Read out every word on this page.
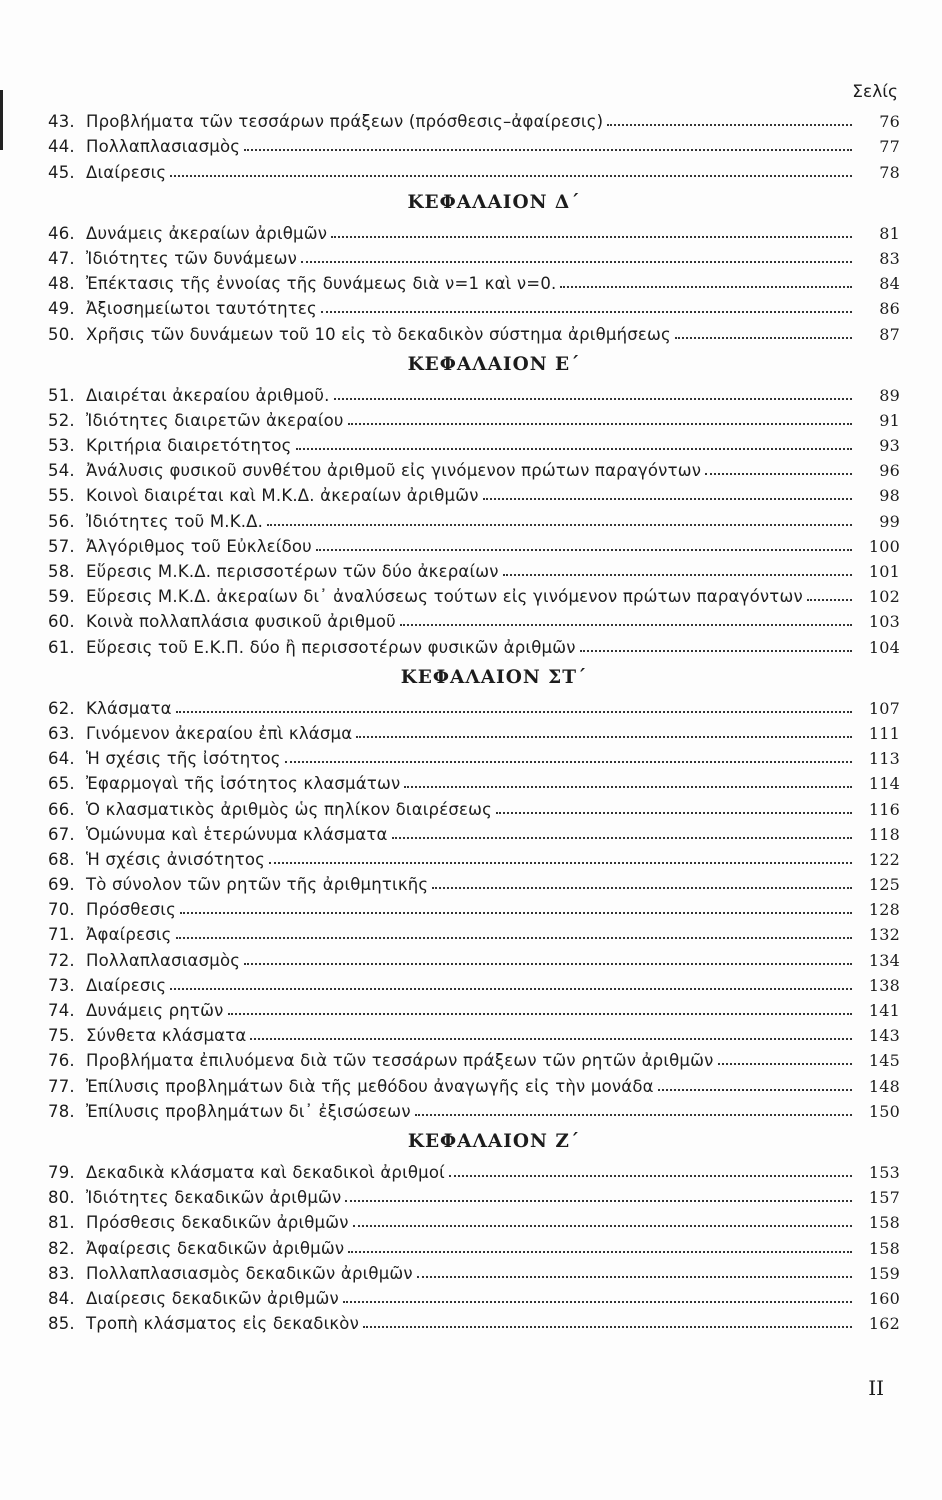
Σελίς
43. Προβλήματα τῶν τεσσάρων πράξεων (πρόσθεσις–ἀφαίρεσις)	76
44. Πολλαπλασιασμὸς	77
45. Διαίρεσις	78
ΚΕΦΑΛΑΙΟΝ Δ΄
46. Δυνάμεις ἀκεραίων ἀριθμῶν	81
47. Ἰδιότητες τῶν δυνάμεων	83
48. Ἐπέκτασις τῆς ἐννοίας τῆς δυνάμεως διὰ ν=1 καὶ ν=0.	84
49. Ἀξιοσημείωτοι ταυτότητες	86
50. Χρῆσις τῶν δυνάμεων τοῦ 10 εἰς τὸ δεκαδικὸν σύστημα ἀριθμήσεως	87
ΚΕΦΑΛΑΙΟΝ Ε΄
51. Διαιρέται ἀκεραίου ἀριθμοῦ.	89
52. Ἰδιότητες διαιρετῶν ἀκεραίου	91
53. Κριτήρια διαιρετότητος	93
54. Ἀνάλυσις φυσικοῦ συνθέτου ἀριθμοῦ εἰς γινόμενον πρώτων παραγόντων	96
55. Κοινοὶ διαιρέται καὶ Μ.Κ.Δ. ἀκεραίων ἀριθμῶν	98
56. Ἰδιότητες τοῦ Μ.Κ.Δ.	99
57. Ἀλγόριθμος τοῦ Εὐκλείδου	100
58. Εὕρεσις Μ.Κ.Δ. περισσοτέρων τῶν δύο ἀκεραίων	101
59. Εὕρεσις Μ.Κ.Δ. ἀκεραίων δι᾽ ἀναλύσεως τούτων εἰς γινόμενον πρώτων παραγόντων	102
60. Κοινὰ πολλαπλάσια φυσικοῦ ἀριθμοῦ	103
61. Εὕρεσις τοῦ Ε.Κ.Π. δύο ἢ περισσοτέρων φυσικῶν ἀριθμῶν	104
ΚΕΦΑΛΑΙΟΝ ΣΤ΄
62. Κλάσματα	107
63. Γινόμενον ἀκεραίου ἐπὶ κλάσμα	111
64. Ἡ σχέσις τῆς ἰσότητος	113
65. Ἐφαρμογαὶ τῆς ἰσότητος κλασμάτων	114
66. Ὁ κλασματικὸς ἀριθμὸς ὡς πηλίκον διαιρέσεως	116
67. Ὁμώνυμα καὶ ἑτερώνυμα κλάσματα	118
68. Ἡ σχέσις ἀνισότητος	122
69. Τὸ σύνολον τῶν ρητῶν τῆς ἀριθμητικῆς	125
70. Πρόσθεσις	128
71. Ἀφαίρεσις	132
72. Πολλαπλασιασμὸς	134
73. Διαίρεσις	138
74. Δυνάμεις ρητῶν	141
75. Σύνθετα κλάσματα	143
76. Προβλήματα ἐπιλυόμενα διὰ τῶν τεσσάρων πράξεων τῶν ρητῶν ἀριθμῶν	145
77. Ἐπίλυσις προβλημάτων διὰ τῆς μεθόδου ἀναγωγῆς εἰς τὴν μονάδα	148
78. Ἐπίλυσις προβλημάτων δι᾽ ἐξισώσεων	150
ΚΕΦΑΛΑΙΟΝ Ζ΄
79. Δεκαδικὰ κλάσματα καὶ δεκαδικοὶ ἀριθμοί	153
80. Ἰδιότητες δεκαδικῶν ἀριθμῶν	157
81. Πρόσθεσις δεκαδικῶν ἀριθμῶν	158
82. Ἀφαίρεσις δεκαδικῶν ἀριθμῶν	158
83. Πολλαπλασιασμὸς δεκαδικῶν ἀριθμῶν	159
84. Διαίρεσις δεκαδικῶν ἀριθμῶν	160
85. Τροπὴ κλάσματος εἰς δεκαδικὸν	162
ΙΙ
